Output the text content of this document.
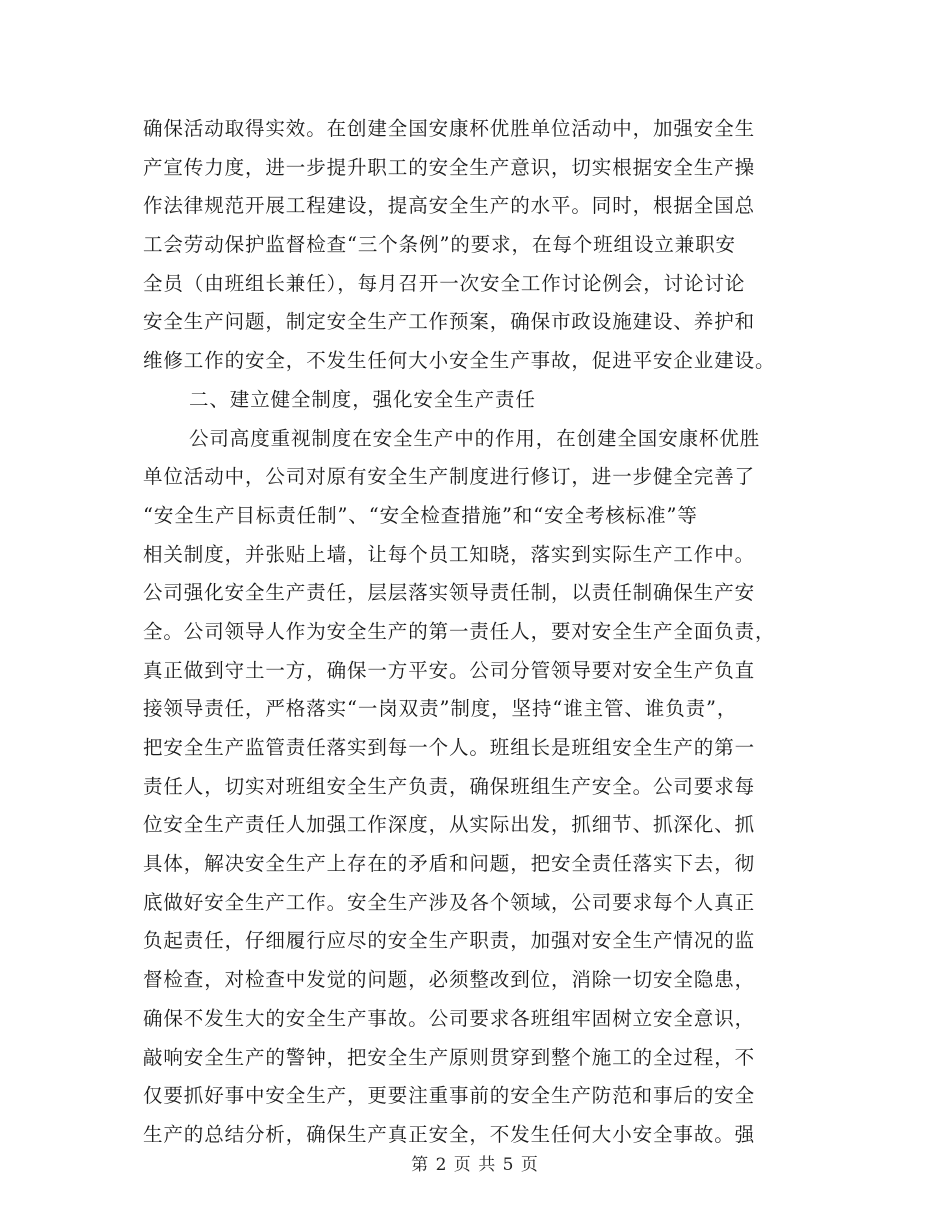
确保活动取得实效。在创建全国安康杯优胜单位活动中，加强安全生
产宣传力度，进一步提升职工的安全生产意识，切实根据安全生产操
作法律规范开展工程建设，提高安全生产的水平。同时，根据全国总
工会劳动保护监督检查“三个条例”的要求，在每个班组设立兼职安
全员（由班组长兼任），每月召开一次安全工作讨论例会，讨论讨论
安全生产问题，制定安全生产工作预案，确保市政设施建设、养护和
维修工作的安全，不发生任何大小安全生产事故，促进平安企业建设。
二、建立健全制度，强化安全生产责任
公司高度重视制度在安全生产中的作用，在创建全国安康杯优胜
单位活动中，公司对原有安全生产制度进行修订，进一步健全完善了
“安全生产目标责任制”、“安全检查措施”和“安全考核标准”等
相关制度，并张贴上墙，让每个员工知晓，落实到实际生产工作中。
公司强化安全生产责任，层层落实领导责任制，以责任制确保生产安
全。公司领导人作为安全生产的第一责任人，要对安全生产全面负责，
真正做到守土一方，确保一方平安。公司分管领导要对安全生产负直
接领导责任，严格落实“一岗双责”制度，坚持“谁主管、谁负责”，
把安全生产监管责任落实到每一个人。班组长是班组安全生产的第一
责任人，切实对班组安全生产负责，确保班组生产安全。公司要求每
位安全生产责任人加强工作深度，从实际出发，抓细节、抓深化、抓
具体，解决安全生产上存在的矛盾和问题，把安全责任落实下去，彻
底做好安全生产工作。安全生产涉及各个领域，公司要求每个人真正
负起责任，仔细履行应尽的安全生产职责，加强对安全生产情况的监
督检查，对检查中发觉的问题，必须整改到位，消除一切安全隐患，
确保不发生大的安全生产事故。公司要求各班组牢固树立安全意识，
敲响安全生产的警钟，把安全生产原则贯穿到整个施工的全过程，不
仅要抓好事中安全生产，更要注重事前的安全生产防范和事后的安全
生产的总结分析，确保生产真正安全，不发生任何大小安全事故。强
第 2 页 共 5 页
